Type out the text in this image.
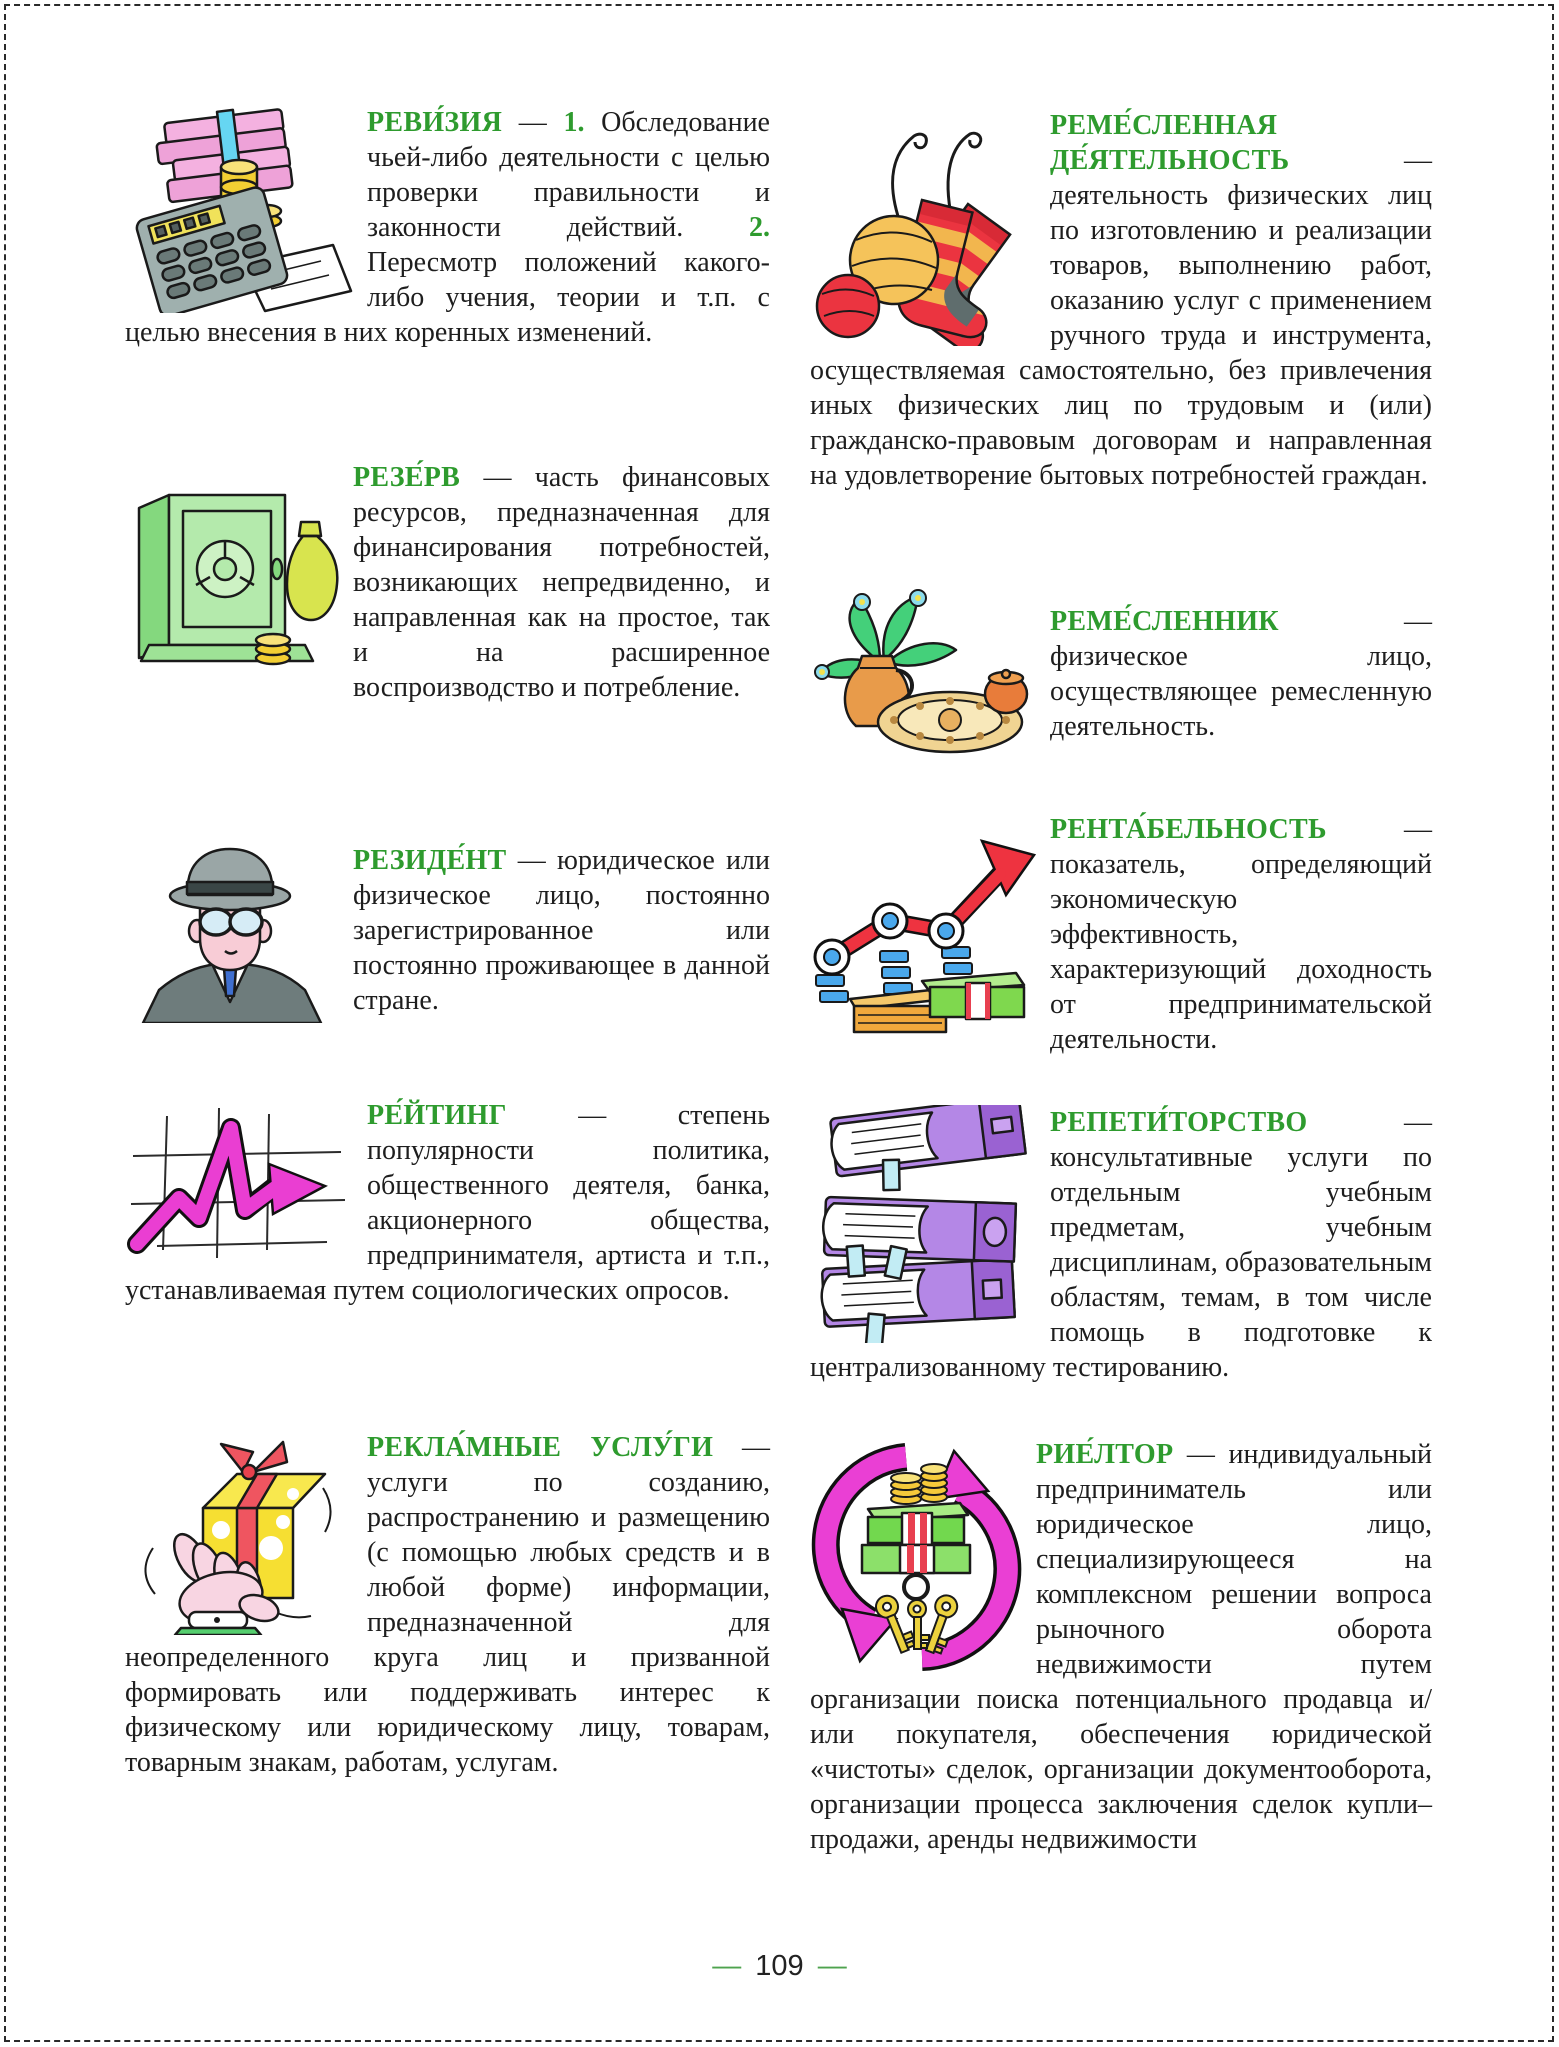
РЕВИ́ЗИЯ — 1. Обследование чьей-либо деятельности с целью проверки правильности и законности действий. 2. Пересмотр положений какого-либо учения, теории и т.п. с целью внесения в них коренных изменений.

РЕЗЕ́РВ — часть финансовых ресурсов, предназначенная для финансирования потребностей, возникающих непредвиденно, и направленная как на простое, так и на расширенное воспроизводство и потребление.

РЕЗИДЕ́НТ — юридическое или физическое лицо, постоянно зарегистрированное или постоянно проживающее в данной стране.

РЕ́ЙТИНГ — степень популярности политика, общественного деятеля, банка, акционерного общества, предпринимателя, артиста и т.п., устанавливаемая путем социологических опросов.

РЕКЛА́МНЫЕ УСЛУ́ГИ — услуги по созданию, распространению и размещению (с помощью любых средств и в любой форме) информации, предназначенной для неопределенного круга лиц и призванной формировать или поддерживать интерес к физическому или юридическому лицу, товарам, товарным знакам, работам, услугам.

РЕМЕ́СЛЕННАЯ ДЕ́ЯТЕЛЬНОСТЬ — деятельность физических лиц по изготовлению и реализации товаров, выполнению работ, оказанию услуг с применением ручного труда и инструмента, осуществляемая самостоятельно, без привлечения иных физических лиц по трудовым и (или) гражданско-правовым договорам и направленная на удовлетворение бытовых потребностей граждан.

РЕМЕ́СЛЕННИК — физическое лицо, осуществляющее ремесленную деятельность.

РЕНТА́БЕЛЬНОСТЬ — показатель, определяющий экономическую эффективность, характеризующий доходность от предпринимательской деятельности.

РЕПЕТИ́ТОРСТВО — консультативные услуги по отдельным учебным предметам, учебным дисциплинам, образовательным областям, темам, в том числе помощь в подготовке к централизованному тестированию.

РИЕ́ЛТОР — индивидуальный предприниматель или юридическое лицо, специализирующееся на комплексном решении вопроса рыночного оборота недвижимости путем организации поиска потенциального продавца и/или покупателя, обеспечения юридической «чистоты» сделок, организации документооборота, организации процесса заключения сделок купли–продажи, аренды недвижимости

— 109 —
